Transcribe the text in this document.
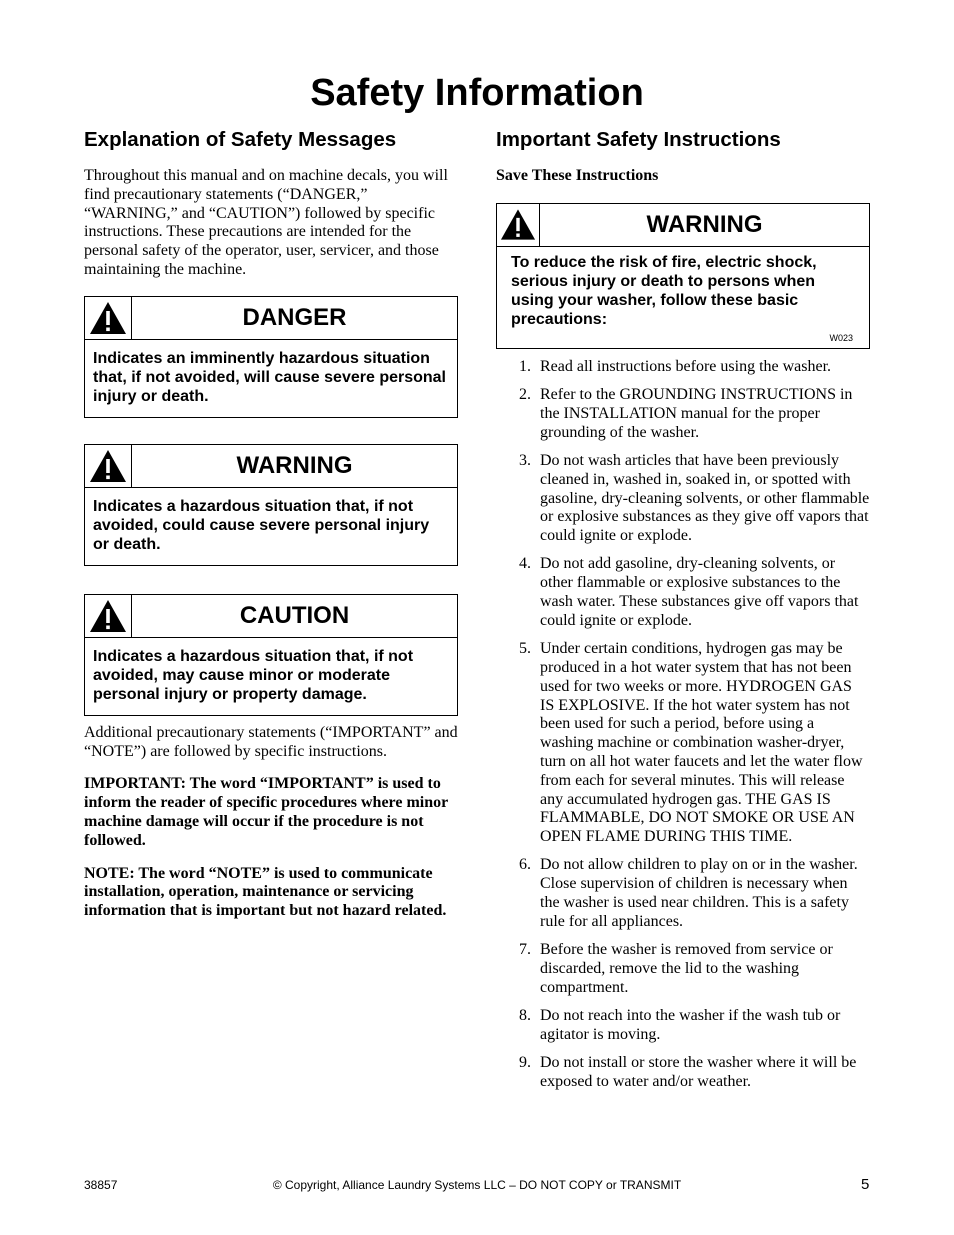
Safety Information
Explanation of Safety Messages

Throughout this manual and on machine decals, you will find precautionary statements (“DANGER,” “WARNING,” and “CAUTION”) followed by specific instructions. These precautions are intended for the personal safety of the operator, user, servicer, and those maintaining the machine.

DANGER
Indicates an imminently hazardous situation that, if not avoided, will cause severe personal injury or death.
WARNING
Indicates a hazardous situation that, if not avoided, could cause severe personal injury or death.
CAUTION
Indicates a hazardous situation that, if not avoided, may cause minor or moderate personal injury or property damage.

Additional precautionary statements (“IMPORTANT” and “NOTE”) are followed by specific instructions.

IMPORTANT: The word “IMPORTANT” is used to inform the reader of specific procedures where minor machine damage will occur if the procedure is not followed.

NOTE: The word “NOTE” is used to communicate installation, operation, maintenance or servicing information that is important but not hazard related.

Important Safety Instructions

Save These Instructions

WARNING
To reduce the risk of fire, electric shock, serious injury or death to persons when using your washer, follow these basic precautions:
W023
1. Read all instructions before using the washer.
2. Refer to the GROUNDING INSTRUCTIONS in the INSTALLATION manual for the proper grounding of the washer.
3. Do not wash articles that have been previously cleaned in, washed in, soaked in, or spotted with gasoline, dry-cleaning solvents, or other flammable or explosive substances as they give off vapors that could ignite or explode.
4. Do not add gasoline, dry-cleaning solvents, or other flammable or explosive substances to the wash water. These substances give off vapors that could ignite or explode.
5. Under certain conditions, hydrogen gas may be produced in a hot water system that has not been used for two weeks or more. HYDROGEN GAS IS EXPLOSIVE. If the hot water system has not been used for such a period, before using a washing machine or combination washer-dryer, turn on all hot water faucets and let the water flow from each for several minutes. This will release any accumulated hydrogen gas. THE GAS IS FLAMMABLE, DO NOT SMOKE OR USE AN OPEN FLAME DURING THIS TIME.
6. Do not allow children to play on or in the washer. Close supervision of children is necessary when the washer is used near children. This is a safety rule for all appliances.
7. Before the washer is removed from service or discarded, remove the lid to the washing compartment.
8. Do not reach into the washer if the wash tub or agitator is moving.
9. Do not install or store the washer where it will be exposed to water and/or weather.
38857	© Copyright, Alliance Laundry Systems LLC – DO NOT COPY or TRANSMIT	5
